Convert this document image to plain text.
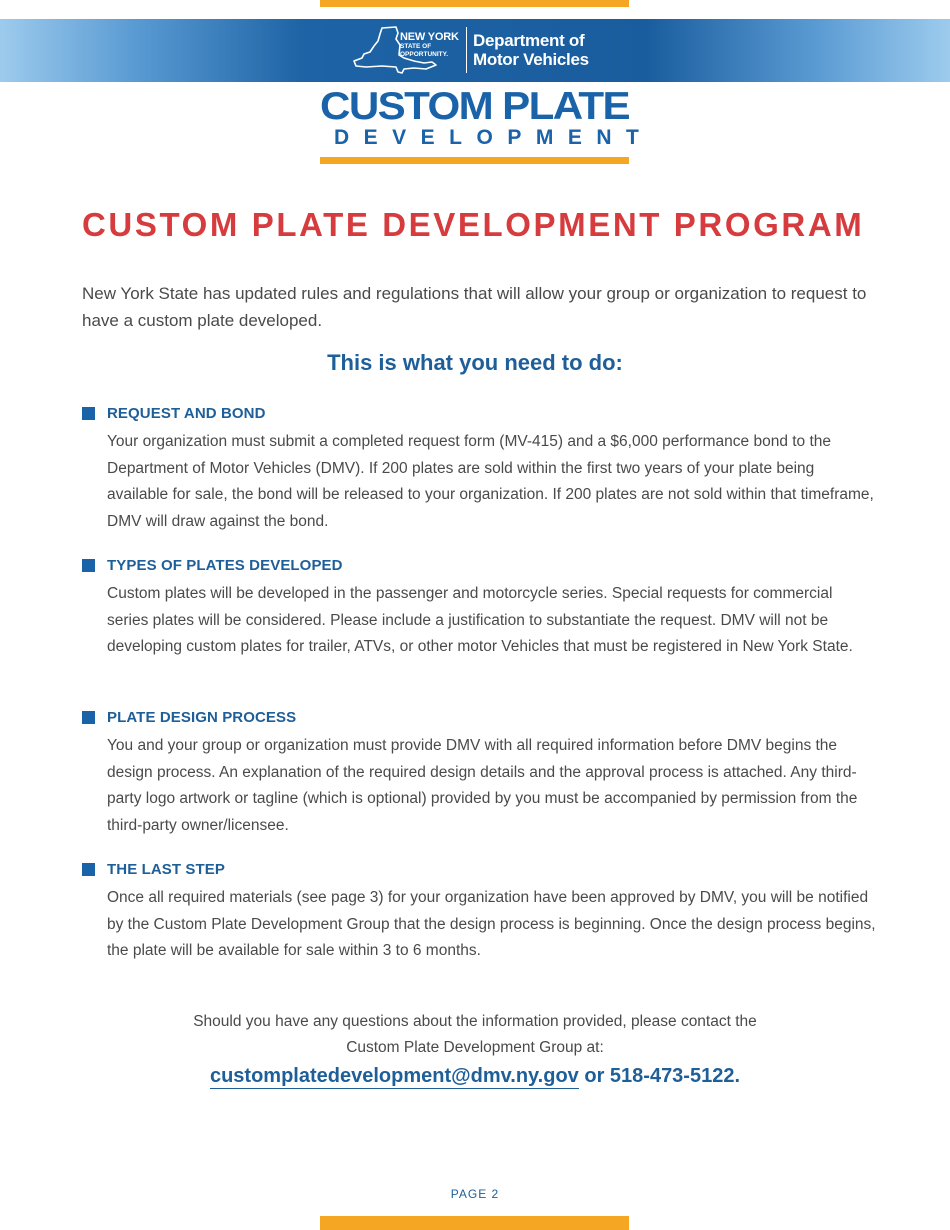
NEW YORK
STATE OF
OPPORTUNITY.
Department of
Motor Vehicles
CUSTOM PLATE
DEVELOPMENT
CUSTOM PLATE DEVELOPMENT PROGRAM

New York State has updated rules and regulations that will allow your group or organization to request to have a custom plate developed.

This is what you need to do:
REQUEST AND BOND
Your organization must submit a completed request form (MV-415) and a $6,000 performance bond to the Department of Motor Vehicles (DMV). If 200 plates are sold within the first two years of your plate being available for sale, the bond will be released to your organization. If 200 plates are not sold within that timeframe, DMV will draw against the bond.
TYPES OF PLATES DEVELOPED
Custom plates will be developed in the passenger and motorcycle series. Special requests for commercial series plates will be considered. Please include a justification to substantiate the request. DMV will not be developing custom plates for trailer, ATVs, or other motor Vehicles that must be registered in New York State.
PLATE DESIGN PROCESS
You and your group or organization must provide DMV with all required information before DMV begins the design process. An explanation of the required design details and the approval process is attached. Any third-party logo artwork or tagline (which is optional) provided by you must be accompanied by permission from the third-party owner/licensee.
THE LAST STEP
Once all required materials (see page 3) for your organization have been approved by DMV, you will be notified by the Custom Plate Development Group that the design process is beginning. Once the design process begins, the plate will be available for sale within 3 to 6 months.

Should you have any questions about the information provided, please contact the

Custom Plate Development Group at:

customplatedevelopment@dmv.ny.gov or 518-473-5122.
PAGE 2
